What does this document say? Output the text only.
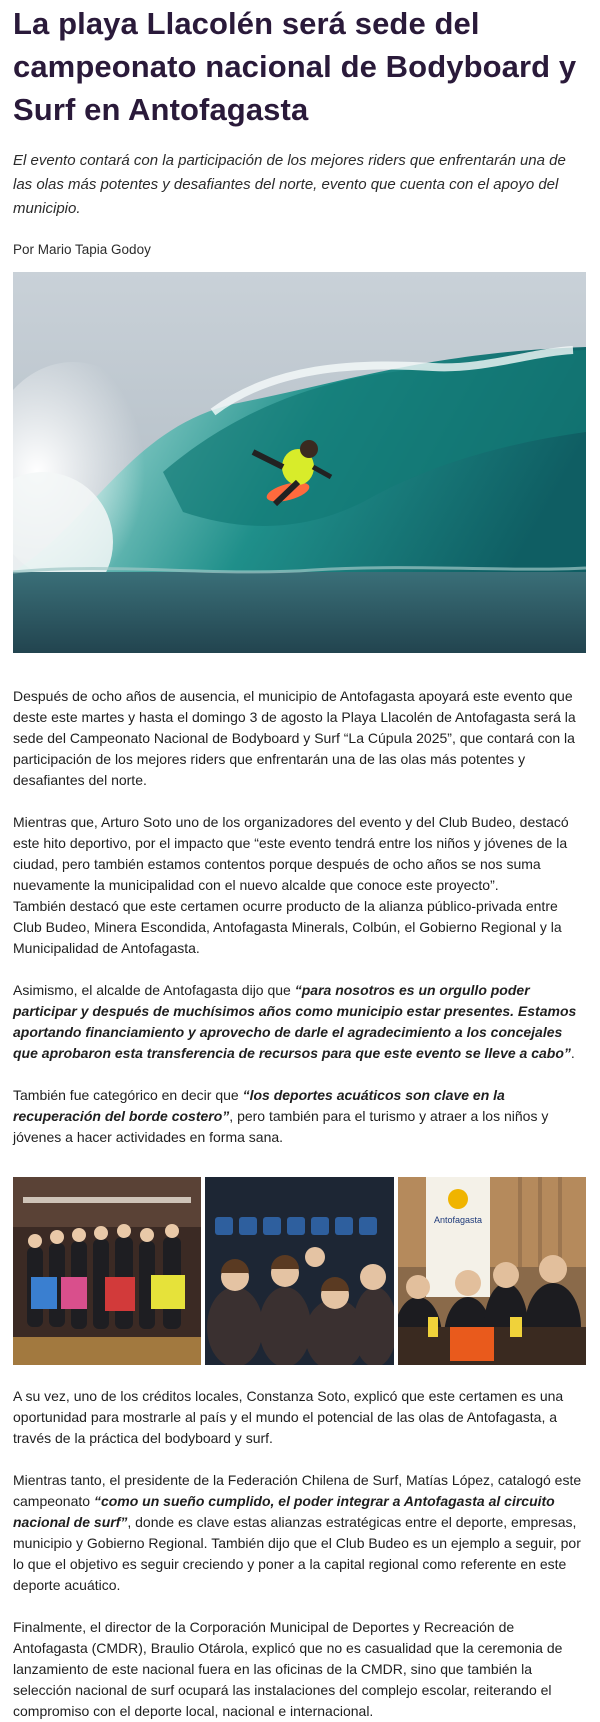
La playa Llacolén será sede del campeonato nacional de Bodyboard y Surf en Antofagasta

El evento contará con la participación de los mejores riders que enfrentarán una de las olas más potentes y desafiantes del norte, evento que cuenta con el apoyo del municipio.

Por Mario Tapia Godoy

Después de ocho años de ausencia, el municipio de Antofagasta apoyará este evento que deste este martes y hasta el domingo 3 de agosto la Playa Llacolén de Antofagasta será la sede del Campeonato Nacional de Bodyboard y Surf “La Cúpula 2025”, que contará con la participación de los mejores riders que enfrentarán una de las olas más potentes y desafiantes del norte.

Mientras que, Arturo Soto uno de los organizadores del evento y del Club Budeo, destacó este hito deportivo, por el impacto que “este evento tendrá entre los niños y jóvenes de la ciudad, pero también estamos contentos porque después de ocho años se nos suma nuevamente la municipalidad con el nuevo alcalde que conoce este proyecto”.

También destacó que este certamen ocurre producto de la alianza público-privada entre Club Budeo, Minera Escondida, Antofagasta Minerals, Colbún, el Gobierno Regional y la Municipalidad de Antofagasta.

Asimismo, el alcalde de Antofagasta dijo que “para nosotros es un orgullo poder participar y después de muchísimos años como municipio estar presentes. Estamos aportando financiamiento y aprovecho de darle el agradecimiento a los concejales que aprobaron esta transferencia de recursos para que este evento se lleve a cabo”.

También fue categórico en decir que “los deportes acuáticos son clave en la recuperación del borde costero”, pero también para el turismo y atraer a los niños y jóvenes a hacer actividades en forma sana.

Antofagasta

A su vez, uno de los créditos locales, Constanza Soto, explicó que este certamen es una oportunidad para mostrarle al país y el mundo el potencial de las olas de Antofagasta, a través de la práctica del bodyboard y surf.

Mientras tanto, el presidente de la Federación Chilena de Surf, Matías López, catalogó este campeonato “como un sueño cumplido, el poder integrar a Antofagasta al circuito nacional de surf”, donde es clave estas alianzas estratégicas entre el deporte, empresas, municipio y Gobierno Regional. También dijo que el Club Budeo es un ejemplo a seguir, por lo que el objetivo es seguir creciendo y poner a la capital regional como referente en este deporte acuático.

Finalmente, el director de la Corporación Municipal de Deportes y Recreación de Antofagasta (CMDR), Braulio Otárola, explicó que no es casualidad que la ceremonia de lanzamiento de este nacional fuera en las oficinas de la CMDR, sino que también la selección nacional de surf ocupará las instalaciones del complejo escolar, reiterando el compromiso con el deporte local, nacional e internacional.
